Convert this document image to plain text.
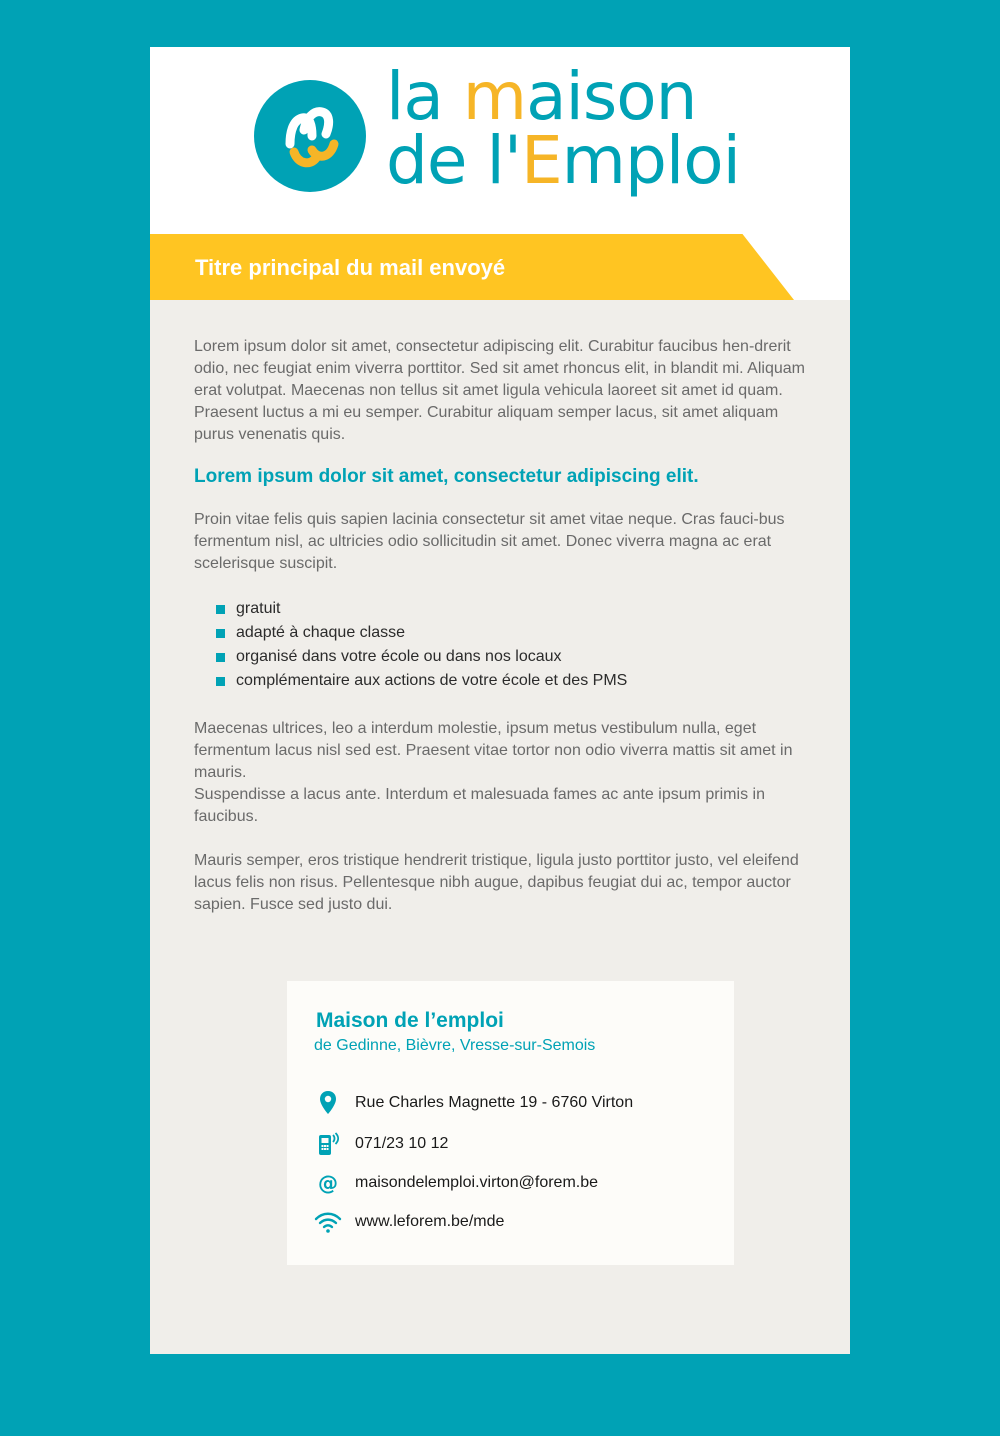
la maison
de l'Emploi
Titre principal du mail envoyé

Lorem ipsum dolor sit amet, consectetur adipiscing elit. Curabitur faucibus hen-drerit odio, nec feugiat enim viverra porttitor. Sed sit amet rhoncus elit, in blandit mi. Aliquam erat volutpat. Maecenas non tellus sit amet ligula vehicula laoreet sit amet id quam. Praesent luctus a mi eu semper. Curabitur aliquam semper lacus, sit amet aliquam purus venenatis quis.

Lorem ipsum dolor sit amet, consectetur adipiscing elit.

Proin vitae felis quis sapien lacinia consectetur sit amet vitae neque. Cras fauci-bus fermentum nisl, ac ultricies odio sollicitudin sit amet. Donec viverra magna ac erat scelerisque suscipit.

gratuit
adapté à chaque classe
organisé dans votre école ou dans nos locaux
complémentaire aux actions de votre école et des PMS

Maecenas ultrices, leo a interdum molestie, ipsum metus vestibulum nulla, eget fermentum lacus nisl sed est. Praesent vitae tortor non odio viverra mattis sit amet in mauris.

Suspendisse a lacus ante. Interdum et malesuada fames ac ante ipsum primis in faucibus.

Mauris semper, eros tristique hendrerit tristique, ligula justo porttitor justo, vel eleifend lacus felis non risus. Pellentesque nibh augue, dapibus feugiat dui ac, tempor auctor sapien. Fusce sed justo dui.

Maison de l’emploi
de Gedinne, Bièvre, Vresse-sur-Semois
Rue Charles Magnette 19 - 6760 Virton
071/23 10 12
@ maisondelemploi.virton@forem.be
www.leforem.be/mde
